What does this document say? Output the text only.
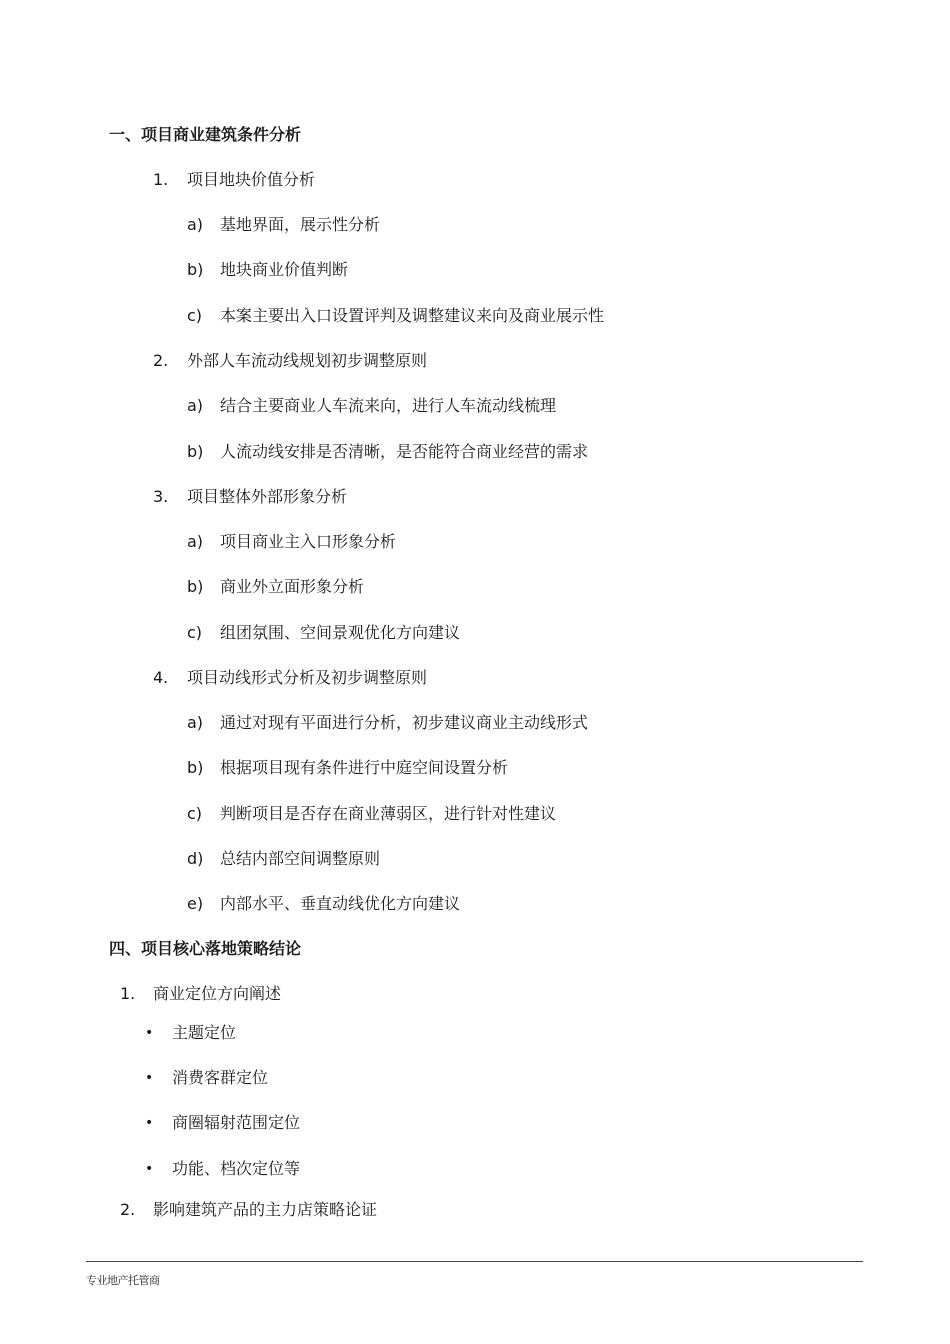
一、项目商业建筑条件分析
1. 项目地块价值分析
a) 基地界面，展示性分析
b) 地块商业价值判断
c) 本案主要出入口设置评判及调整建议来向及商业展示性
2. 外部人车流动线规划初步调整原则
a) 结合主要商业人车流来向，进行人车流动线梳理
b) 人流动线安排是否清晰，是否能符合商业经营的需求
3. 项目整体外部形象分析
a) 项目商业主入口形象分析
b) 商业外立面形象分析
c) 组团氛围、空间景观优化方向建议
4. 项目动线形式分析及初步调整原则
a) 通过对现有平面进行分析，初步建议商业主动线形式
b) 根据项目现有条件进行中庭空间设置分析
c) 判断项目是否存在商业薄弱区，进行针对性建议
d) 总结内部空间调整原则
e) 内部水平、垂直动线优化方向建议
四、项目核心落地策略结论
1. 商业定位方向阐述
• 主题定位
• 消费客群定位
• 商圈辐射范围定位
• 功能、档次定位等
2. 影响建筑产品的主力店策略论证
专业地产托管商
